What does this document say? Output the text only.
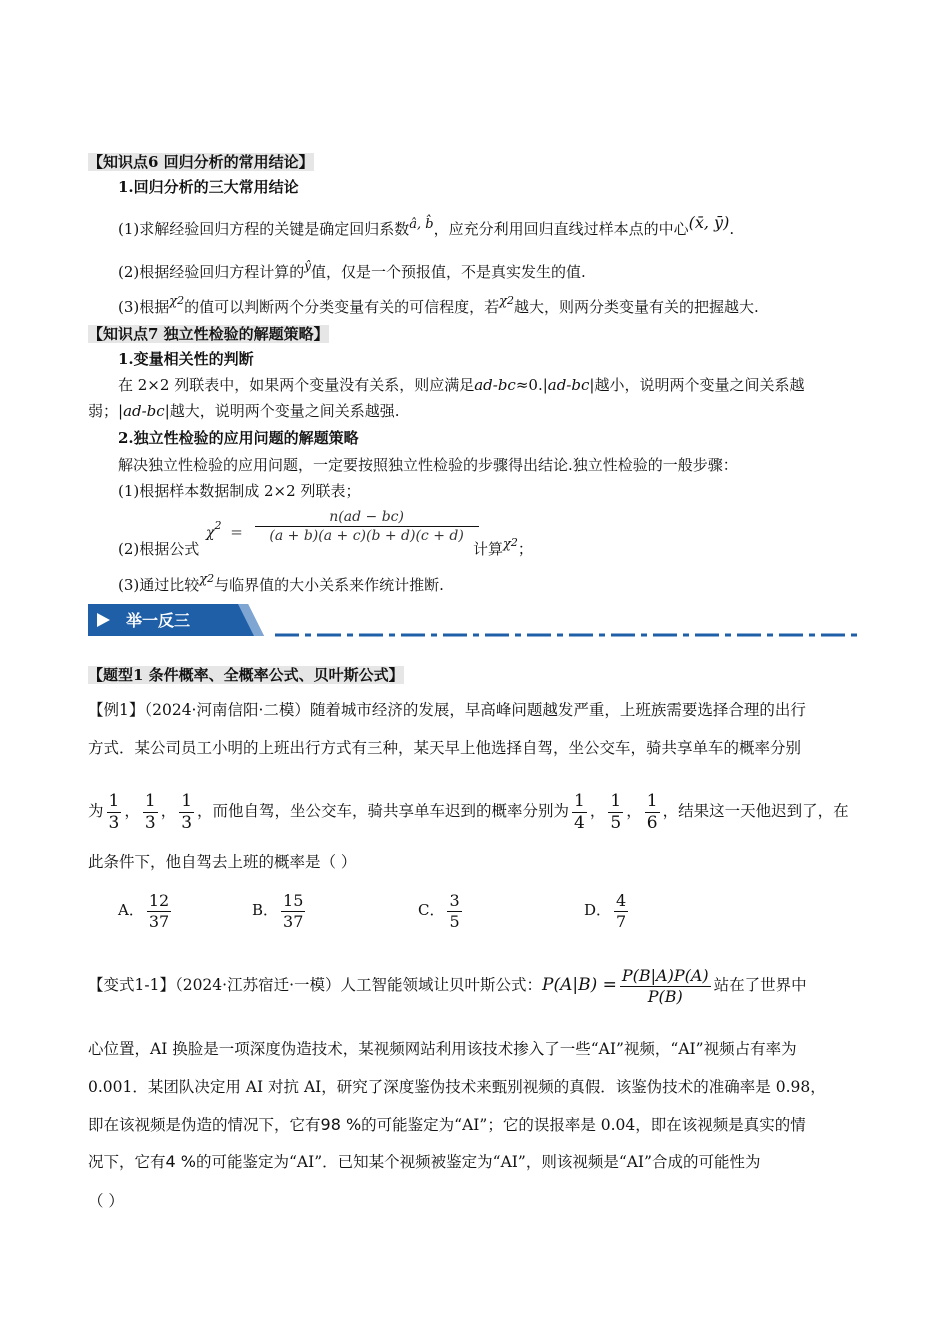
【知识点6 回归分析的常用结论】
1.回归分析的三大常用结论
(1)求解经验回归方程的关键是确定回归系数â, b̂，应充分利用回归直线过样本点的中心(x̄, ȳ).
(2)根据经验回归方程计算的$^ŷ$值，仅是一个预报值，不是真实发生的值.
(3)根据$\chi^2$的值可以判断两个分类变量有关的可信程度，若$\chi^2$越大，则两分类变量有关的把握越大.
【知识点7 独立性检验的解题策略】
1.变量相关性的判断
在 2×2 列联表中，如果两个变量没有关系，则应满足ad-bc≈0.|ad-bc|越小，说明两个变量之间关系越
弱；|ad-bc|越大，说明两个变量之间关系越强.
2.独立性检验的应用问题的解题策略
解决独立性检验的应用问题，一定要按照独立性检验的步骤得出结论.独立性检验的一般步骤：
(1)根据样本数据制成 2×2 列联表；
(2)根据公式
$\chi_2 = \frac{n(ad - bc)}{(a + b)(a + c)(b + d)(c + d)}$
计算$\chi^2$；
(3)通过比较$\chi^2$与临界值的大小关系来作统计推断.
举一反三
【题型1 条件概率、全概率公式、贝叶斯公式】
【例1】（2024·河南信阳·二模）随着城市经济的发展，早高峰问题越发严重，上班族需要选择合理的出行
方式．某公司员工小明的上班出行方式有三种，某天早上他选择自驾，坐公交车，骑共享单车的概率分别
为 $\frac{1}{3}$ ， $\frac{1}{3}$ ， $\frac{1}{3}$ ，而他自驾，坐公交车，骑共享单车迟到的概率分别为 $\frac{1}{4}$ ， $\frac{1}{5}$ ， $\frac{1}{6}$ ，结果这一天他迟到了，在
此条件下，他自驾去上班的概率是（ ）
A． $\frac{12}{37}$	B． $\frac{15}{37}$	C． $\frac{3}{5}$	D． $\frac{4}{7}$
【变式1-1】（2024·江苏宿迁·一模）人工智能领域让贝叶斯公式：$P(A|B) = \frac{P(B|A)P(A)}{P(B)}$ 站在了世界中
心位置，AI 换脸是一项深度伪造技术，某视频网站利用该技术掺入了一些“AI”视频，“AI”视频占有率为
0.001．某团队决定用 AI 对抗 AI，研究了深度鉴伪技术来甄别视频的真假．该鉴伪技术的准确率是 0.98，
即在该视频是伪造的情况下，它有98 %的可能鉴定为“AI”；它的误报率是 0.04，即在该视频是真实的情
况下，它有4 %的可能鉴定为“AI”．已知某个视频被鉴定为“AI”，则该视频是“AI”合成的可能性为
（ ）
